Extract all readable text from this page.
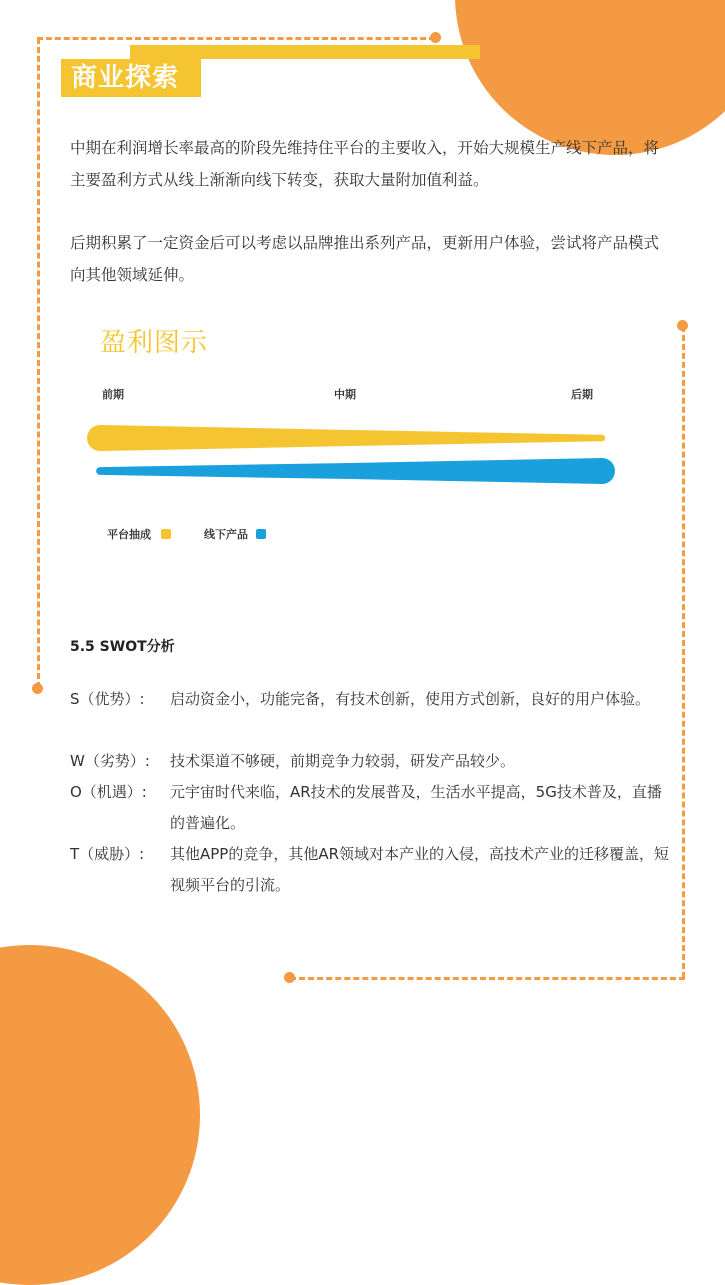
商业探索
中期在利润增长率最高的阶段先维持住平台的主要收入，开始大规模生产线下产品，将主要盈利方式从线上渐渐向线下转变，获取大量附加值利益。
后期积累了一定资金后可以考虑以品牌推出系列产品，更新用户体验，尝试将产品模式向其他领域延伸。
盈利图示
前期	中期	后期
平台抽成	线下产品
5.5 SWOT分析
S（优势）:	启动资金小，功能完备，有技术创新，使用方式创新，良好的用户体验。
W（劣势）:	技术渠道不够硬，前期竞争力较弱，研发产品较少。
O（机遇）:	元宇宙时代来临，AR技术的发展普及，生活水平提高，5G技术普及，直播的普遍化。
T（威胁）:	其他APP的竞争，其他AR领域对本产业的入侵，高技术产业的迁移覆盖，短视频平台的引流。
